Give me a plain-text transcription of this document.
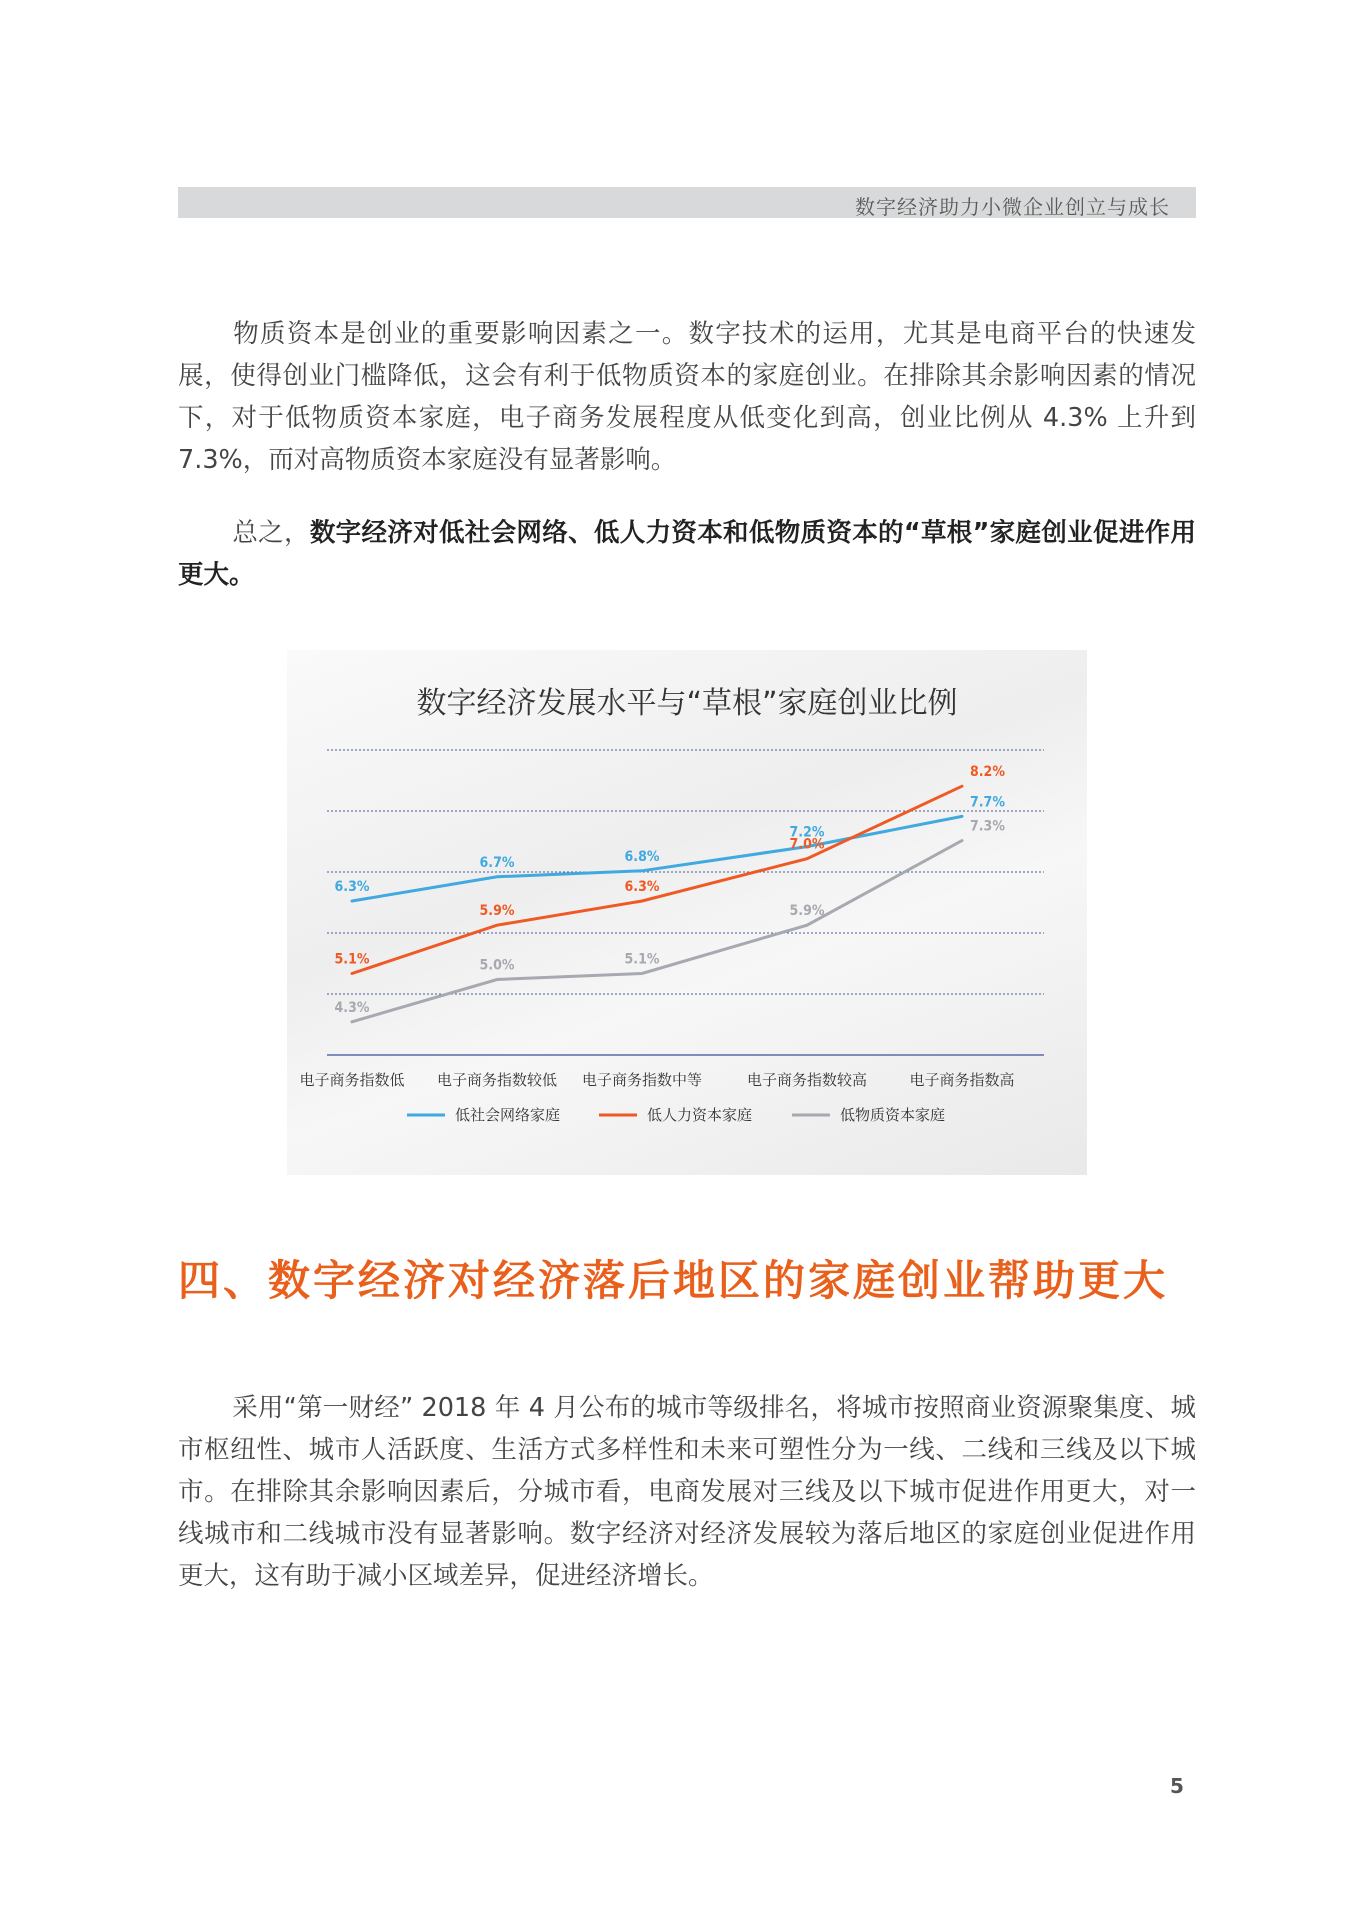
数字经济助力小微企业创立与成长

物质资本是创业的重要影响因素之一。数字技术的运用，尤其是电商平台的快速发展，使得创业门槛降低，这会有利于低物质资本的家庭创业。在排除其余影响因素的情况下，对于低物质资本家庭，电子商务发展程度从低变化到高，创业比例从 4.3% 上升到 7.3%，而对高物质资本家庭没有显著影响。

总之，数字经济对低社会网络、低人力资本和低物质资本的“草根”家庭创业促进作用更大。

数字经济发展水平与“草根”家庭创业比例
电子商务指数低 电子商务指数较低 电子商务指数中等	电子商务指数较高	电子商务指数高
6.3%
6.7%	6.8%
7.2%
7.7%
5.1%
5.9%
6.3%
7.0%
8.2%
4.3%
5.0%	5.1%
5.9%
7.3%
低社会网络家庭	低人力资本家庭	低物质资本家庭
四、数字经济对经济落后地区的家庭创业帮助更大

采用“第一财经” 2018 年 4 月公布的城市等级排名，将城市按照商业资源聚集度、城市枢纽性、城市人活跃度、生活方式多样性和未来可塑性分为一线、二线和三线及以下城市。在排除其余影响因素后，分城市看，电商发展对三线及以下城市促进作用更大，对一线城市和二线城市没有显著影响。数字经济对经济发展较为落后地区的家庭创业促进作用更大，这有助于减小区域差异，促进经济增长。

5
